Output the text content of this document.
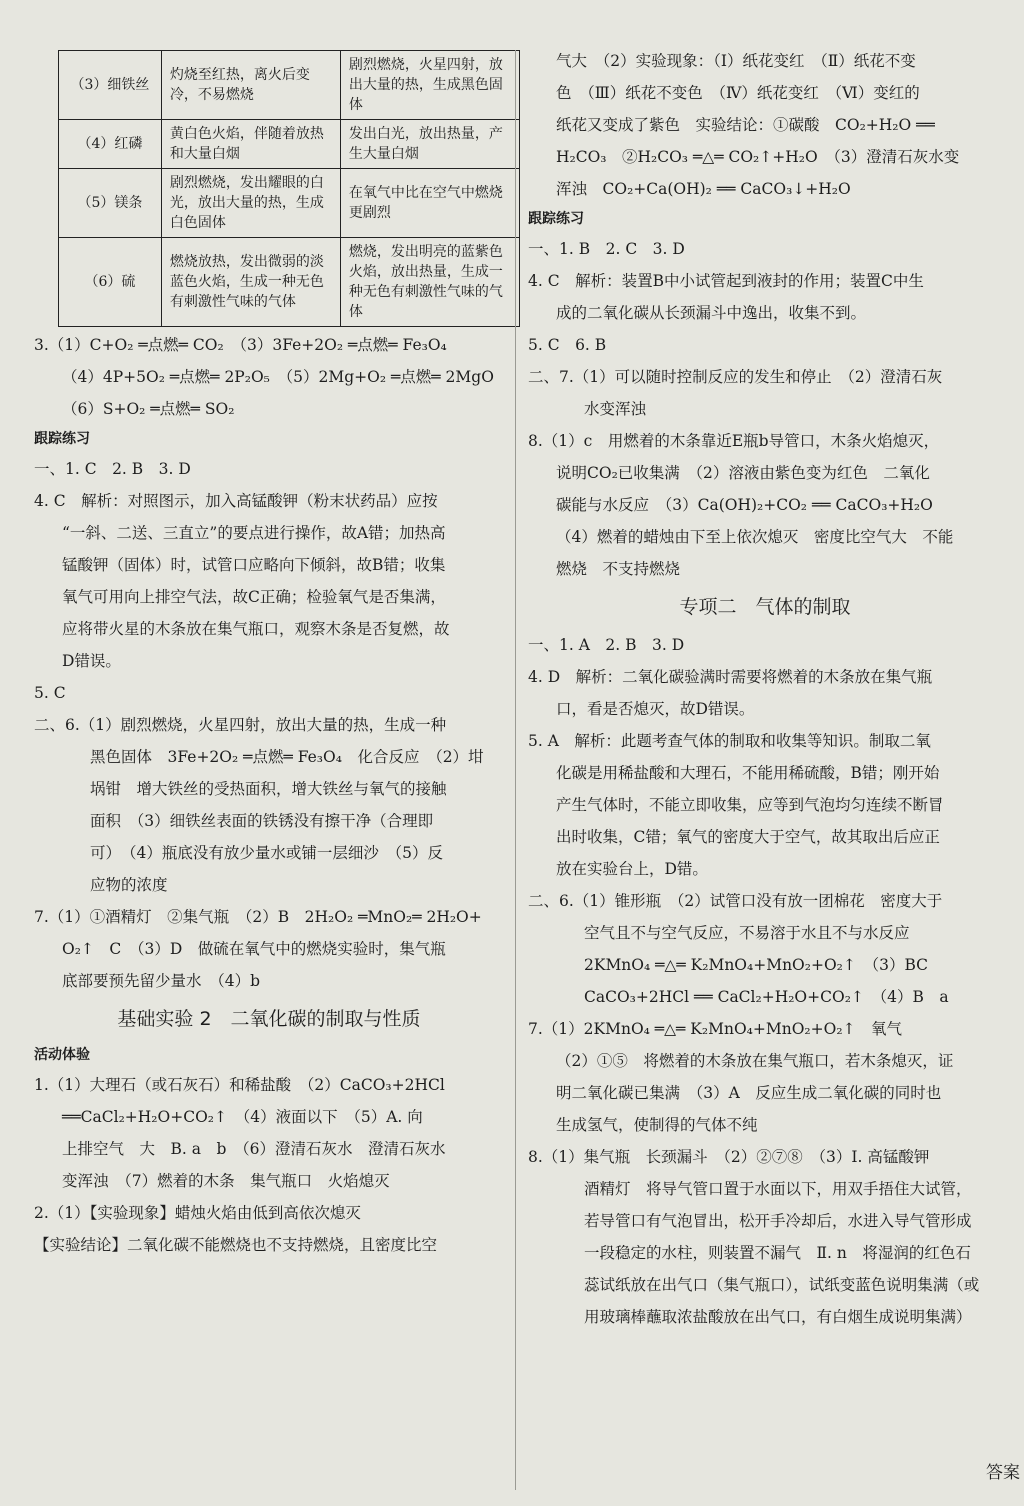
（3）细铁丝	灼烧至红热，离火后变冷，不易燃烧	剧烈燃烧，火星四射，放出大量的热，生成黑色固体
（4）红磷	黄白色火焰，伴随着放热和大量白烟	发出白光，放出热量，产生大量白烟
（5）镁条	剧烈燃烧，发出耀眼的白光，放出大量的热，生成白色固体	在氧气中比在空气中燃烧更剧烈
（6）硫	燃烧放热，发出微弱的淡蓝色火焰，生成一种无色有刺激性气味的气体	燃烧，发出明亮的蓝紫色火焰，放出热量，生成一种无色有刺激性气味的气体
3.（1）C+O₂ ═点燃═ CO₂　（3）3Fe+2O₂ ═点燃═ Fe₃O₄
（4）4P+5O₂ ═点燃═ 2P₂O₅　（5）2Mg+O₂ ═点燃═ 2MgO
（6）S+O₂ ═点燃═ SO₂
跟踪练习
一、1. C　2. B　3. D
4. C　解析：对照图示，加入高锰酸钾（粉末状药品）应按
“一斜、二送、三直立”的要点进行操作，故A错；加热高
锰酸钾（固体）时，试管口应略向下倾斜，故B错；收集
氧气可用向上排空气法，故C正确；检验氧气是否集满，
应将带火星的木条放在集气瓶口，观察木条是否复燃，故
D错误。
5. C
二、6.（1）剧烈燃烧，火星四射，放出大量的热，生成一种
黑色固体　3Fe+2O₂ ═点燃═ Fe₃O₄　化合反应　（2）坩
埚钳　增大铁丝的受热面积，增大铁丝与氧气的接触
面积　（3）细铁丝表面的铁锈没有擦干净（合理即
可）　（4）瓶底没有放少量水或铺一层细沙　（5）反
应物的浓度
7.（1）①酒精灯　②集气瓶　（2）B　2H₂O₂ ═MnO₂═ 2H₂O+
O₂↑　C　（3）D　做硫在氧气中的燃烧实验时，集气瓶
底部要预先留少量水　（4）b
基础实验 2　二氧化碳的制取与性质
活动体验
1.（1）大理石（或石灰石）和稀盐酸　（2）CaCO₃+2HCl
══CaCl₂+H₂O+CO₂↑　（4）液面以下　（5）A. 向
上排空气　大　B. a　b　（6）澄清石灰水　澄清石灰水
变浑浊　（7）燃着的木条　集气瓶口　火焰熄灭
2.（1）【实验现象】蜡烛火焰由低到高依次熄灭
【实验结论】二氧化碳不能燃烧也不支持燃烧，且密度比空
气大　（2）实验现象：（Ⅰ）纸花变红　（Ⅱ）纸花不变
色　（Ⅲ）纸花不变色　（Ⅳ）纸花变红　（Ⅵ）变红的
纸花又变成了紫色　实验结论：①碳酸　CO₂+H₂O ══
H₂CO₃　②H₂CO₃ ═△═ CO₂↑+H₂O　（3）澄清石灰水变
浑浊　CO₂+Ca(OH)₂ ══ CaCO₃↓+H₂O
跟踪练习
一、1. B　2. C　3. D
4. C　解析：装置B中小试管起到液封的作用；装置C中生
成的二氧化碳从长颈漏斗中逸出，收集不到。
5. C　6. B
二、7.（1）可以随时控制反应的发生和停止　（2）澄清石灰
水变浑浊
8.（1）c　用燃着的木条靠近E瓶b导管口，木条火焰熄灭，
说明CO₂已收集满　（2）溶液由紫色变为红色　二氧化
碳能与水反应　（3）Ca(OH)₂+CO₂ ══ CaCO₃+H₂O
（4）燃着的蜡烛由下至上依次熄灭　密度比空气大　不能
燃烧　不支持燃烧
专项二　气体的制取
一、1. A　2. B　3. D
4. D　解析：二氧化碳验满时需要将燃着的木条放在集气瓶
口，看是否熄灭，故D错误。
5. A　解析：此题考查气体的制取和收集等知识。制取二氧
化碳是用稀盐酸和大理石，不能用稀硫酸，B错；刚开始
产生气体时，不能立即收集，应等到气泡均匀连续不断冒
出时收集，C错；氧气的密度大于空气，故其取出后应正
放在实验台上，D错。
二、6.（1）锥形瓶　（2）试管口没有放一团棉花　密度大于
空气且不与空气反应，不易溶于水且不与水反应
2KMnO₄ ═△═ K₂MnO₄+MnO₂+O₂↑　（3）BC
CaCO₃+2HCl ══ CaCl₂+H₂O+CO₂↑　（4）B　a
7.（1）2KMnO₄ ═△═ K₂MnO₄+MnO₂+O₂↑　氧气
（2）①⑤　将燃着的木条放在集气瓶口，若木条熄灭，证
明二氧化碳已集满　（3）A　反应生成二氧化碳的同时也
生成氢气，使制得的气体不纯
8.（1）集气瓶　长颈漏斗　（2）②⑦⑧　（3）Ⅰ. 高锰酸钾
酒精灯　将导气管口置于水面以下，用双手捂住大试管，
若导管口有气泡冒出，松开手冷却后，水进入导气管形成
一段稳定的水柱，则装置不漏气　Ⅱ. n　将湿润的红色石
蕊试纸放在出气口（集气瓶口），试纸变蓝色说明集满（或
用玻璃棒蘸取浓盐酸放在出气口，有白烟生成说明集满）
答案
